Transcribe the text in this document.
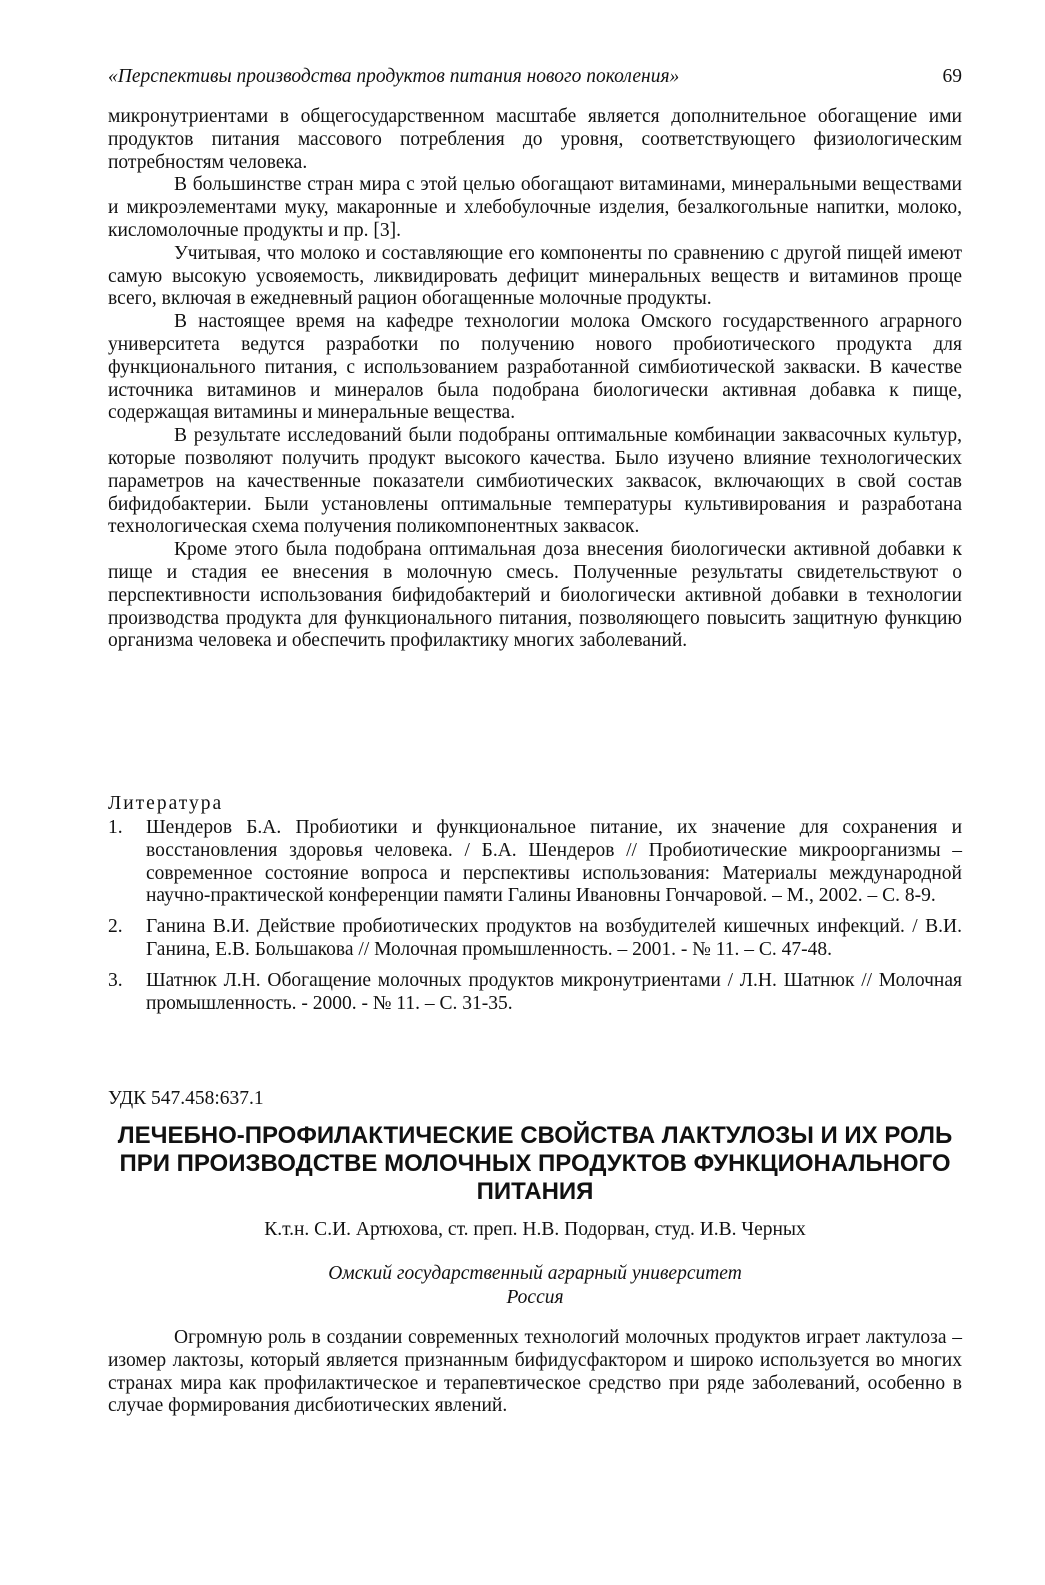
«Перспективы производства продуктов питания нового поколения»	69

микронутриентами в общегосударственном масштабе является дополнительное обогащение ими продуктов питания массового потребления до уровня, соответствующего физиологическим потребностям человека.

В большинстве стран мира с этой целью обогащают витаминами, минеральными веществами и микроэлементами муку, макаронные и хлебобулочные изделия, безалкогольные напитки, молоко, кисломолочные продукты и пр. [3].

Учитывая, что молоко и составляющие его компоненты по сравнению с другой пищей имеют самую высокую усвояемость, ликвидировать дефицит минеральных веществ и витаминов проще всего, включая в ежедневный рацион обогащенные молочные продукты.

В настоящее время на кафедре технологии молока Омского государственного аграрного университета ведутся разработки по получению нового пробиотического продукта для функционального питания, с использованием разработанной симбиотической закваски. В качестве источника витаминов и минералов была подобрана биологически активная добавка к пище, содержащая витамины и минеральные вещества.

В результате исследований были подобраны оптимальные комбинации заквасочных культур, которые позволяют получить продукт высокого качества. Было изучено влияние технологических параметров на качественные показатели симбиотических заквасок, включающих в свой состав бифидобактерии. Были установлены оптимальные температуры культивирования и разработана технологическая схема получения поликомпонентных заквасок.

Кроме этого была подобрана оптимальная доза внесения биологически активной добавки к пище и стадия ее внесения в молочную смесь. Полученные результаты свидетельствуют о перспективности использования бифидобактерий и биологически активной добавки в технологии производства продукта для функционального питания, позволяющего повысить защитную функцию организма человека и обеспечить профилактику многих заболеваний.

Литература
1.	Шендеров Б.А. Пробиотики и функциональное питание, их значение для сохранения и восстановления здоровья человека. / Б.А. Шендеров // Пробиотические микроорганизмы – современное состояние вопроса и перспективы использования: Материалы международной научно-практической конференции памяти Галины Ивановны Гончаровой. – М., 2002. – С. 8-9.
2.	Ганина В.И. Действие пробиотических продуктов на возбудителей кишечных инфекций. / В.И. Ганина, Е.В. Большакова // Молочная промышленность. – 2001. - № 11. – С. 47-48.
3.	Шатнюк Л.Н. Обогащение молочных продуктов микронутриентами / Л.Н. Шатнюк // Молочная промышленность. - 2000. - № 11. – С. 31-35.
УДК 547.458:637.1
ЛЕЧЕБНО-ПРОФИЛАКТИЧЕСКИЕ СВОЙСТВА ЛАКТУЛОЗЫ И ИХ РОЛЬ ПРИ ПРОИЗВОДСТВЕ МОЛОЧНЫХ ПРОДУКТОВ ФУНКЦИОНАЛЬНОГО ПИТАНИЯ
К.т.н. С.И. Артюхова, ст. преп. Н.В. Подорван, студ. И.В. Черных
Омский государственный аграрный университет
Россия

Огромную роль в создании современных технологий молочных продуктов играет лактулоза – изомер лактозы, который является признанным бифидусфактором и широко используется во многих странах мира как профилактическое и терапевтическое средство при ряде заболеваний, особенно в случае формирования дисбиотических явлений.
